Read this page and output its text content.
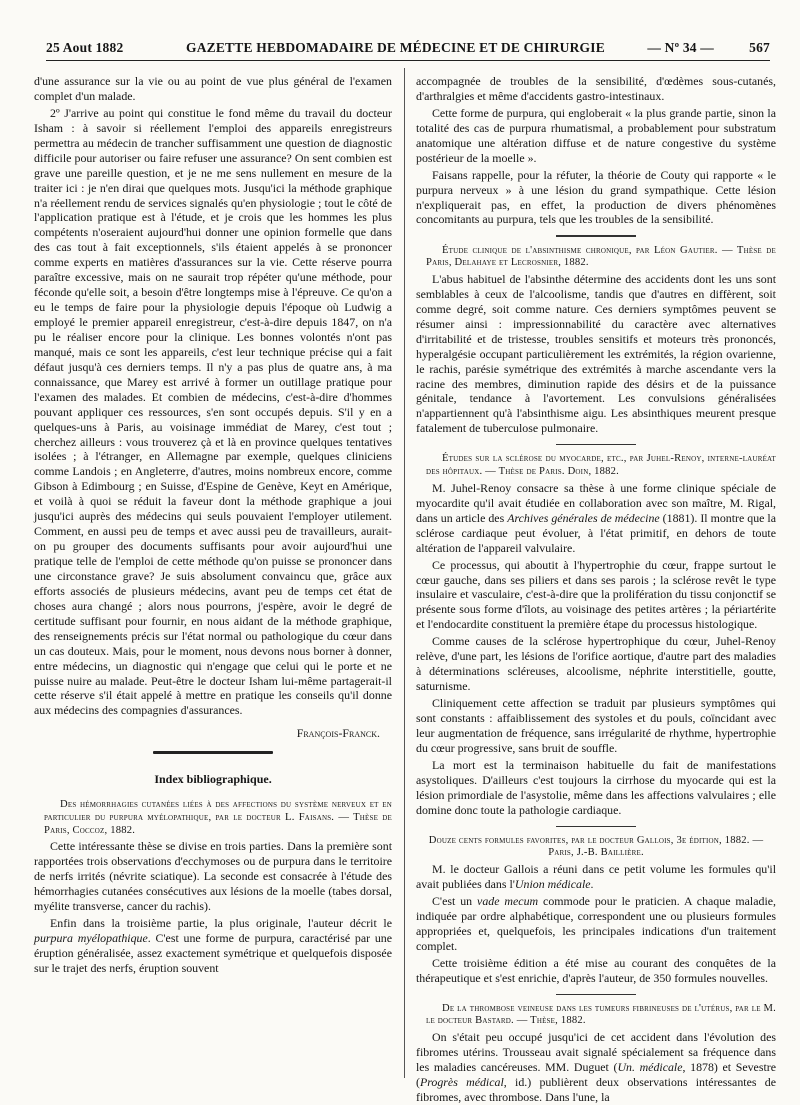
25 Aout 1882	GAZETTE HEBDOMADAIRE DE MÉDECINE ET DE CHIRURGIE	— Nº 34 —	567

d'une assurance sur la vie ou au point de vue plus général de l'examen complet d'un malade.

2º J'arrive au point qui constitue le fond même du travail du docteur Isham : à savoir si réellement l'emploi des appareils enregistreurs permettra au médecin de trancher suffisamment une question de diagnostic difficile pour autoriser ou faire refuser une assurance? On sent combien est grave une pareille question, et je ne me sens nullement en mesure de la traiter ici : je n'en dirai que quelques mots. Jusqu'ici la méthode graphique n'a réellement rendu de services signalés qu'en physiologie ; tout le côté de l'application pratique est à l'étude, et je crois que les hommes les plus compétents n'oseraient aujourd'hui donner une opinion formelle que dans des cas tout à fait exceptionnels, s'ils étaient appelés à se prononcer comme experts en matières d'assurances sur la vie. Cette réserve pourra paraître excessive, mais on ne saurait trop répéter qu'une méthode, pour féconde qu'elle soit, a besoin d'être longtemps mise à l'épreuve. Ce qu'on a eu le temps de faire pour la physiologie depuis l'époque où Ludwig a employé le premier appareil enregistreur, c'est-à-dire depuis 1847, on n'a pu le réaliser encore pour la clinique. Les bonnes volontés n'ont pas manqué, mais ce sont les appareils, c'est leur technique précise qui a fait défaut jusqu'à ces derniers temps. Il n'y a pas plus de quatre ans, à ma connaissance, que Marey est arrivé à former un outillage pratique pour l'examen des malades. Et combien de médecins, c'est-à-dire d'hommes pouvant appliquer ces ressources, s'en sont occupés depuis. S'il y en a quelques-uns à Paris, au voisinage immédiat de Marey, c'est tout ; cherchez ailleurs : vous trouverez çà et là en province quelques tentatives isolées ; à l'étranger, en Allemagne par exemple, quelques cliniciens comme Landois ; en Angleterre, d'autres, moins nombreux encore, comme Gibson à Edimbourg ; en Suisse, d'Espine de Genève, Keyt en Amérique, et voilà à quoi se réduit la faveur dont la méthode graphique a joui jusqu'ici auprès des médecins qui seuls pouvaient l'employer utilement. Comment, en aussi peu de temps et avec aussi peu de travailleurs, aurait-on pu grouper des documents suffisants pour avoir aujourd'hui une pratique telle de l'emploi de cette méthode qu'on puisse se prononcer dans une circonstance grave? Je suis absolument convaincu que, grâce aux efforts associés de plusieurs médecins, avant peu de temps cet état de choses aura changé ; alors nous pourrons, j'espère, avoir le degré de certitude suffisant pour fournir, en nous aidant de la méthode graphique, des renseignements précis sur l'état normal ou pathologique du cœur dans un cas douteux. Mais, pour le moment, nous devons nous borner à donner, entre médecins, un diagnostic qui n'engage que celui qui le porte et ne puisse nuire au malade. Peut-être le docteur Isham lui-même partagerait-il cette réserve s'il était appelé à mettre en pratique les conseils qu'il donne aux médecins des compagnies d'assurances.

François-Franck.

Index bibliographique.

Des hémorrhagies cutanées liées à des affections du système nerveux et en particulier du purpura myélopathique, par le docteur L. Faisans. — Thèse de Paris, Coccoz, 1882.

Cette intéressante thèse se divise en trois parties. Dans la première sont rapportées trois observations d'ecchymoses ou de purpura dans le territoire de nerfs irrités (névrite sciatique). La seconde est consacrée à l'étude des hémorrhagies cutanées consécutives aux lésions de la moelle (tabes dorsal, myélite transverse, cancer du rachis).

Enfin dans la troisième partie, la plus originale, l'auteur décrit le purpura myélopathique. C'est une forme de purpura, caractérisé par une éruption généralisée, assez exactement symétrique et quelquefois disposée sur le trajet des nerfs, éruption souvent

accompagnée de troubles de la sensibilité, d'œdèmes sous-cutanés, d'arthralgies et même d'accidents gastro-intestinaux.

Cette forme de purpura, qui engloberait « la plus grande partie, sinon la totalité des cas de purpura rhumatismal, a probablement pour substratum anatomique une altération diffuse et de nature congestive du système postérieur de la moelle ».

Faisans rappelle, pour la réfuter, la théorie de Couty qui rapporte « le purpura nerveux » à une lésion du grand sympathique. Cette lésion n'expliquerait pas, en effet, la production de divers phénomènes concomitants au purpura, tels que les troubles de la sensibilité.

Étude clinique de l'absinthisme chronique, par Léon Gautier. — Thèse de Paris, Delahaye et Lecrosnier, 1882.

L'abus habituel de l'absinthe détermine des accidents dont les uns sont semblables à ceux de l'alcoolisme, tandis que d'autres en diffèrent, soit comme degré, soit comme nature. Ces derniers symptômes peuvent se résumer ainsi : impressionnabilité du caractère avec alternatives d'irritabilité et de tristesse, troubles sensitifs et moteurs très prononcés, hyperalgésie occupant particulièrement les extrémités, la région ovarienne, le rachis, parésie symétrique des extrémités à marche ascendante vers la racine des membres, diminution rapide des désirs et de la puissance génitale, tendance à l'avortement. Les convulsions généralisées n'appartiennent qu'à l'absinthisme aigu. Les absinthiques meurent presque fatalement de tuberculose pulmonaire.

Études sur la sclérose du myocarde, etc., par Juhel-Renoy, interne-lauréat des hôpitaux. — Thèse de Paris. Doin, 1882.

M. Juhel-Renoy consacre sa thèse à une forme clinique spéciale de myocardite qu'il avait étudiée en collaboration avec son maître, M. Rigal, dans un article des Archives générales de médecine (1881). Il montre que la sclérose cardiaque peut évoluer, à l'état primitif, en dehors de toute altération de l'appareil valvulaire.

Ce processus, qui aboutit à l'hypertrophie du cœur, frappe surtout le cœur gauche, dans ses piliers et dans ses parois ; la sclérose revêt le type insulaire et vasculaire, c'est-à-dire que la prolifération du tissu conjonctif se présente sous forme d'îlots, au voisinage des petites artères ; la périartérite et l'endocardite constituent la première étape du processus histologique.

Comme causes de la sclérose hypertrophique du cœur, Juhel-Renoy relève, d'une part, les lésions de l'orifice aortique, d'autre part des maladies à déterminations scléreuses, alcoolisme, néphrite interstitielle, goutte, saturnisme.

Cliniquement cette affection se traduit par plusieurs symptômes qui sont constants : affaiblissement des systoles et du pouls, coïncidant avec leur augmentation de fréquence, sans irrégularité de rhythme, hypertrophie du cœur progressive, sans bruit de souffle.

La mort est la terminaison habituelle du fait de manifestations asystoliques. D'ailleurs c'est toujours la cirrhose du myocarde qui est la lésion primordiale de l'asystolie, même dans les affections valvulaires ; elle domine donc toute la pathologie cardiaque.

Douze cents formules favorites, par le docteur Gallois, 3e édition, 1882. — Paris, J.-B. Baillière.

M. le docteur Gallois a réuni dans ce petit volume les formules qu'il avait publiées dans l'Union médicale.

C'est un vade mecum commode pour le praticien. A chaque maladie, indiquée par ordre alphabétique, correspondent une ou plusieurs formules appropriées et, quelquefois, les principales indications d'un traitement complet.

Cette troisième édition a été mise au courant des conquêtes de la thérapeutique et s'est enrichie, d'après l'auteur, de 350 formules nouvelles.

De la thrombose veineuse dans les tumeurs fibrineuses de l'utérus, par le M. le docteur Bastard. — Thèse, 1882.

On s'était peu occupé jusqu'ici de cet accident dans l'évolution des fibromes utérins. Trousseau avait signalé spécialement sa fréquence dans les maladies cancéreuses. MM. Duguet (Un. médicale, 1878) et Sevestre (Progrès médical, id.) publièrent deux observations intéressantes de fibromes, avec thrombose. Dans l'une, la
